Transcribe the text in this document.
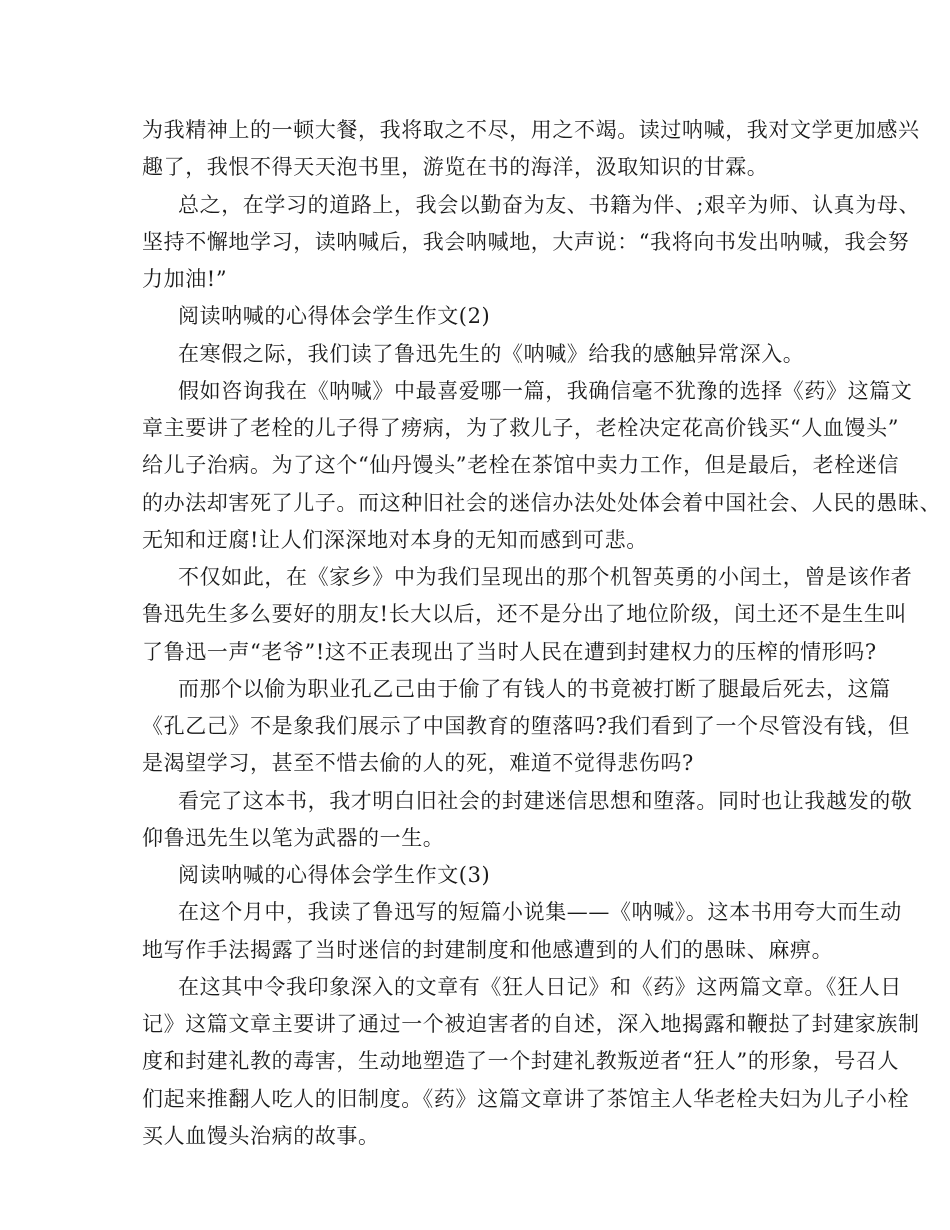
为我精神上的一顿大餐，我将取之不尽，用之不竭。读过呐喊，我对文学更加感兴
趣了，我恨不得天天泡书里，游览在书的海洋，汲取知识的甘霖。
总之，在学习的道路上，我会以勤奋为友、书籍为伴、;艰辛为师、认真为母、
坚持不懈地学习，读呐喊后，我会呐喊地，大声说：“我将向书发出呐喊，我会努
力加油!”
阅读呐喊的心得体会学生作文(2)
在寒假之际，我们读了鲁迅先生的《呐喊》给我的感触异常深入。
假如咨询我在《呐喊》中最喜爱哪一篇，我确信毫不犹豫的选择《药》这篇文
章主要讲了老栓的儿子得了痨病，为了救儿子，老栓决定花高价钱买“人血馒头”
给儿子治病。为了这个“仙丹馒头”老栓在茶馆中卖力工作，但是最后，老栓迷信
的办法却害死了儿子。而这种旧社会的迷信办法处处体会着中国社会、人民的愚昧、
无知和迂腐!让人们深深地对本身的无知而感到可悲。
不仅如此，在《家乡》中为我们呈现出的那个机智英勇的小闰土，曾是该作者
鲁迅先生多么要好的朋友!长大以后，还不是分出了地位阶级，闰土还不是生生叫
了鲁迅一声“老爷”!这不正表现出了当时人民在遭到封建权力的压榨的情形吗?
而那个以偷为职业孔乙己由于偷了有钱人的书竟被打断了腿最后死去，这篇
《孔乙己》不是象我们展示了中国教育的堕落吗?我们看到了一个尽管没有钱，但
是渴望学习，甚至不惜去偷的人的死，难道不觉得悲伤吗?
看完了这本书，我才明白旧社会的封建迷信思想和堕落。同时也让我越发的敬
仰鲁迅先生以笔为武器的一生。
阅读呐喊的心得体会学生作文(3)
在这个月中，我读了鲁迅写的短篇小说集——《呐喊》。这本书用夸大而生动
地写作手法揭露了当时迷信的封建制度和他感遭到的人们的愚昧、麻痹。
在这其中令我印象深入的文章有《狂人日记》和《药》这两篇文章。《狂人日
记》这篇文章主要讲了通过一个被迫害者的自述，深入地揭露和鞭挞了封建家族制
度和封建礼教的毒害，生动地塑造了一个封建礼教叛逆者“狂人”的形象，号召人
们起来推翻人吃人的旧制度。《药》这篇文章讲了茶馆主人华老栓夫妇为儿子小栓
买人血馒头治病的故事。
